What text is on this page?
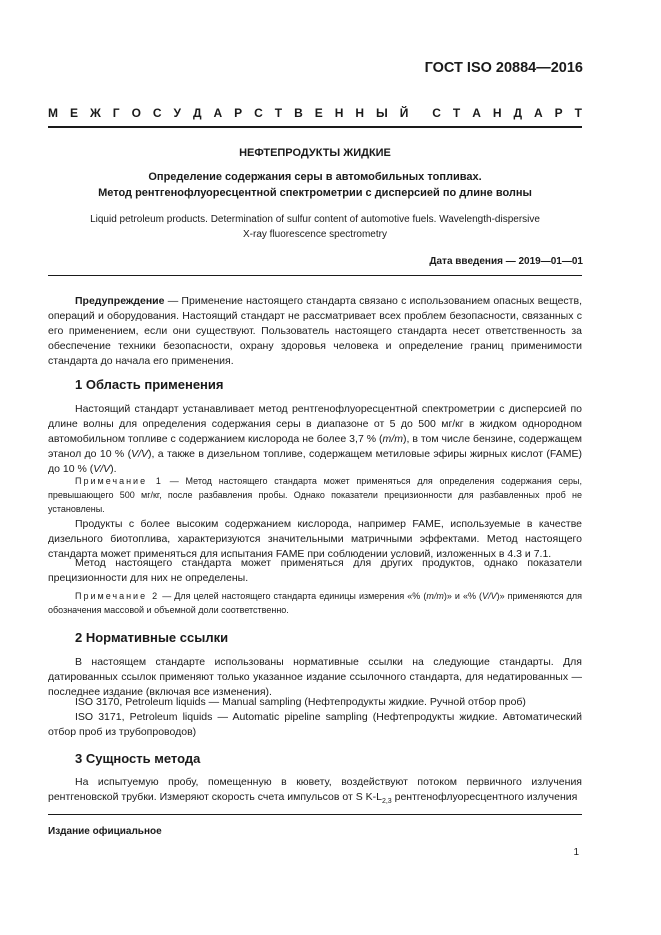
ГОСТ ISO 20884—2016
М Е Ж Г О С У Д А Р С Т В Е Н Н Ы Й С Т А Н Д А Р Т
НЕФТЕПРОДУКТЫ ЖИДКИЕ
Определение содержания серы в автомобильных топливах.
Метод рентгенофлуоресцентной спектрометрии с дисперсией по длине волны
Liquid petroleum products. Determination of sulfur content of automotive fuels. Wavelength-dispersive X-ray fluorescence spectrometry
Дата введения — 2019—01—01
Предупреждение — Применение настоящего стандарта связано с использованием опасных веществ, операций и оборудования. Настоящий стандарт не рассматривает всех проблем безопасности, связанных с его применением, если они существуют. Пользователь настоящего стандарта несет ответственность за обеспечение техники безопасности, охрану здоровья человека и определение границ применимости стандарта до начала его применения.
1 Область применения
Настоящий стандарт устанавливает метод рентгенофлуоресцентной спектрометрии с дисперсией по длине волны для определения содержания серы в диапазоне от 5 до 500 мг/кг в жидком однородном автомобильном топливе с содержанием кислорода не более 3,7 % (m/m), в том числе бензине, содержащем этанол до 10 % (V/V), а также в дизельном топливе, содержащем метиловые эфиры жирных кислот (FAME) до 10 % (V/V).
Примечание 1 — Метод настоящего стандарта может применяться для определения содержания серы, превышающего 500 мг/кг, после разбавления пробы. Однако показатели прецизионности для разбавленных проб не установлены.
Продукты с более высоким содержанием кислорода, например FAME, используемые в качестве дизельного биотоплива, характеризуются значительными матричными эффектами. Метод настоящего стандарта может применяться для испытания FAME при соблюдении условий, изложенных в 4.3 и 7.1.
Метод настоящего стандарта может применяться для других продуктов, однако показатели прецизионности для них не определены.
Примечание 2 — Для целей настоящего стандарта единицы измерения «% (m/m)» и «% (V/V)» применяются для обозначения массовой и объемной доли соответственно.
2 Нормативные ссылки
В настоящем стандарте использованы нормативные ссылки на следующие стандарты. Для датированных ссылок применяют только указанное издание ссылочного стандарта, для недатированных — последнее издание (включая все изменения).
ISO 3170, Petroleum liquids — Manual sampling (Нефтепродукты жидкие. Ручной отбор проб)
ISO 3171, Petroleum liquids — Automatic pipeline sampling (Нефтепродукты жидкие. Автоматический отбор проб из трубопроводов)
3 Сущность метода
На испытуемую пробу, помещенную в кювету, воздействуют потоком первичного излучения рентгеновской трубки. Измеряют скорость счета импульсов от S $K-L_{2,3}$ рентгенофлуоресцентного излучения
Издание официальное
1
